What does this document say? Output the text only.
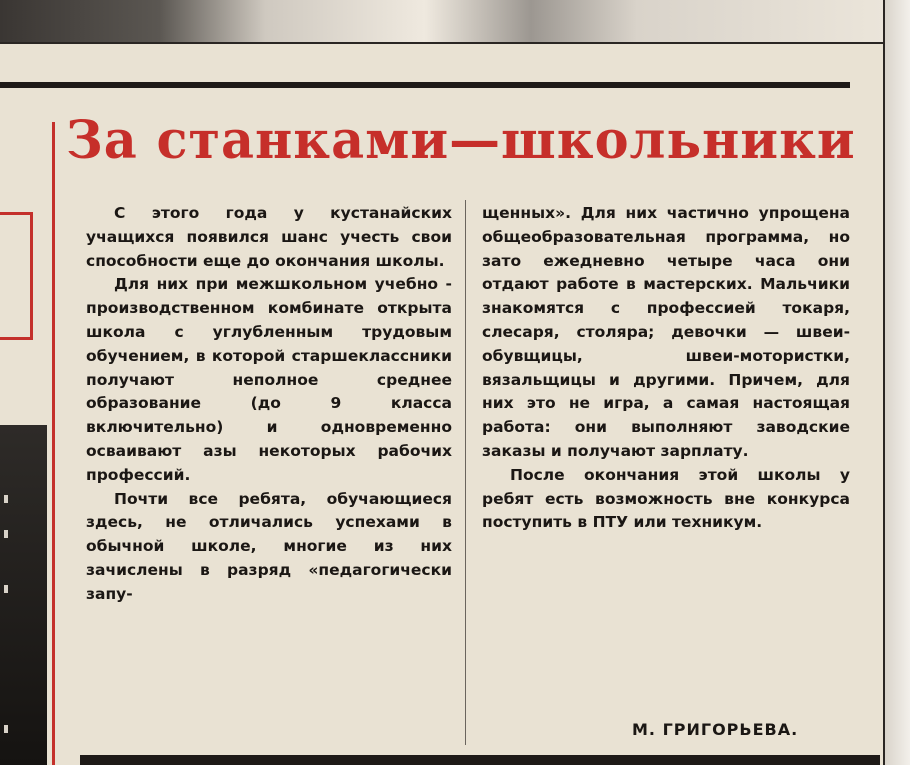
За станками—школьники

С этого года у кустанайских учащихся появился шанс учесть свои способности еще до окончания школы.

Для них при межшкольном учебно - производственном комбинате открыта школа с углубленным трудовым обучением, в которой старшеклассники получают неполное среднее образование (до 9 класса включительно) и одновременно осваивают азы некоторых рабочих профессий.

Почти все ребята, обучающиеся здесь, не отличались успехами в обычной школе, многие из них зачислены в разряд «педагогически запу-

щенных». Для них частично упрощена общеобразовательная программа, но зато ежедневно четыре часа они отдают работе в мастерских. Мальчики знакомятся с профессией токаря, слесаря, столяра; девочки — швеи-обувщицы, швеи-мотористки, вязальщицы и другими. Причем, для них это не игра, а самая настоящая работа: они выполняют заводские заказы и получают зарплату.

После окончания этой школы у ребят есть возможность вне конкурса поступить в ПТУ или техникум.

М. ГРИГОРЬЕВА.
